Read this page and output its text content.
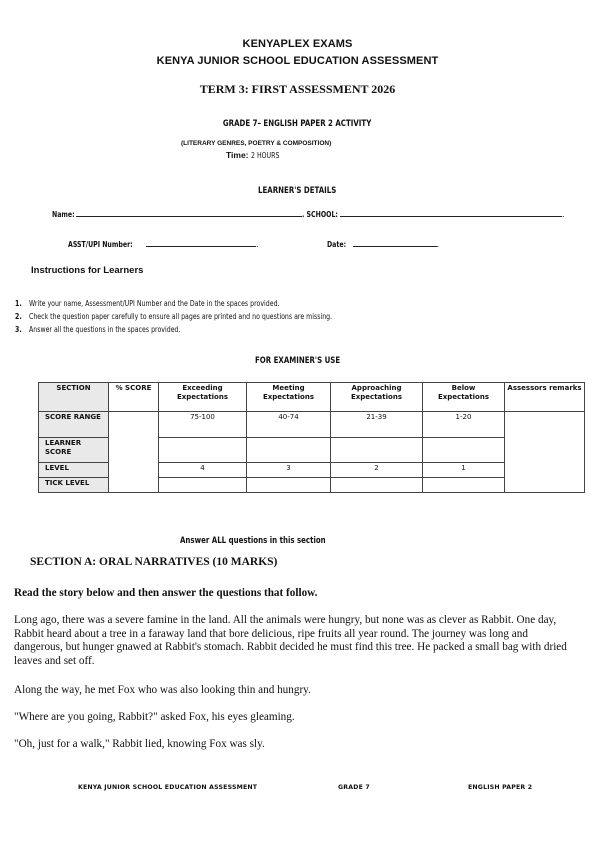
KENYAPLEX EXAMS
KENYA JUNIOR SCHOOL EDUCATION ASSESSMENT
TERM 3: FIRST ASSESSMENT 2026
GRADE 7– ENGLISH PAPER 2 ACTIVITY
(LITERARY GENRES, POETRY & COMPOSITION)
Time: 2 HOURS
LEARNER'S DETAILS
Name:	. SCHOOL:	.
ASST/UPI Number:	.	Date:	.
Instructions for Learners
1. Write your name, Assessment/UPI Number and the Date in the spaces provided.
2. Check the question paper carefully to ensure all pages are printed and no questions are missing.
3. Answer all the questions in the spaces provided.
FOR EXAMINER'S USE
SECTION	% SCORE	Exceeding Expectations	Meeting Expectations	Approaching Expectations	Below Expectations	Assessors remarks
SCORE RANGE		75-100	40-74	21-39	1-20	
LEARNER SCORE						
LEVEL		4	3	2	1	
TICK LEVEL						
Answer ALL questions in this section
SECTION A: ORAL NARRATIVES (10 MARKS)
Read the story below and then answer the questions that follow.
Long ago, there was a severe famine in the land. All the animals were hungry, but none was as clever as Rabbit. One day, Rabbit heard about a tree in a faraway land that bore delicious, ripe fruits all year round. The journey was long and dangerous, but hunger gnawed at Rabbit's stomach. Rabbit decided he must find this tree. He packed a small bag with dried leaves and set off.
Along the way, he met Fox who was also looking thin and hungry.
"Where are you going, Rabbit?" asked Fox, his eyes gleaming.
"Oh, just for a walk," Rabbit lied, knowing Fox was sly.
KENYA JUNIOR SCHOOL EDUCATION ASSESSMENT	GRADE 7	ENGLISH PAPER 2
